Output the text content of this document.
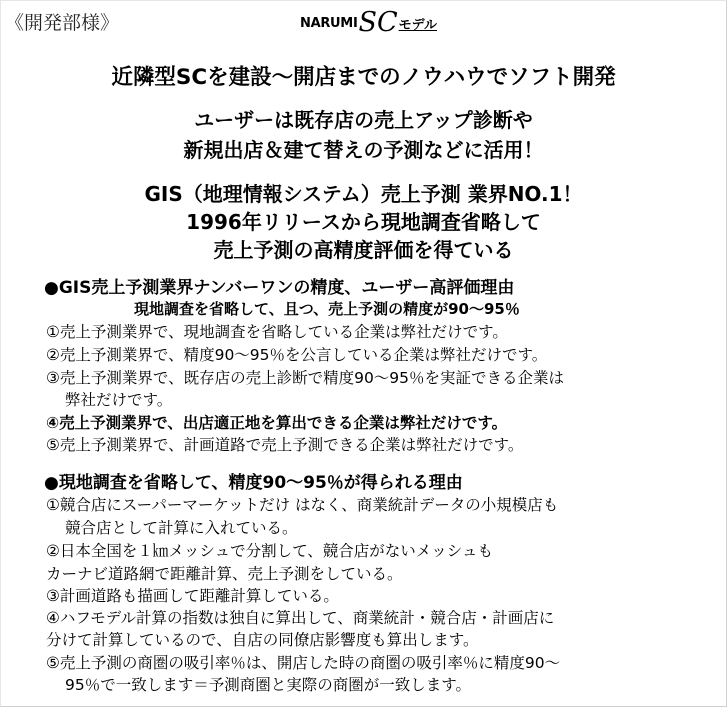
《開発部様》	NARUMI SC モデル
近隣型SCを建設～開店までのノウハウでソフト開発
ユーザーは既存店の売上アップ診断や
新規出店＆建て替えの予測などに活用！
GIS（地理情報システム）売上予測 業界NO.1！
1996年リリースから現地調査省略して
売上予測の高精度評価を得ている
●GIS売上予測業界ナンバーワンの精度、ユーザー高評価理由
現地調査を省略して、且つ、売上予測の精度が90～95％
①売上予測業界で、現地調査を省略している企業は弊社だけです。
②売上予測業界で、精度90～95％を公言している企業は弊社だけです。
③売上予測業界で、既存店の売上診断で精度90～95％を実証できる企業は
弊社だけです。
④売上予測業界で、出店適正地を算出できる企業は弊社だけです。
⑤売上予測業界で、計画道路で売上予測できる企業は弊社だけです。
●現地調査を省略して、精度90～95％が得られる理由
①競合店にスーパーマーケットだけ はなく、商業統計データの小規模店も
競合店として計算に入れている。
②日本全国を１㎞メッシュで分割して、競合店がないメッシュも
カーナビ道路網で距離計算、売上予測をしている。
③計画道路も描画して距離計算している。
④ハフモデル計算の指数は独自に算出して、商業統計・競合店・計画店に
分けて計算しているので、自店の同僚店影響度も算出します。
⑤売上予測の商圏の吸引率％は、開店した時の商圏の吸引率％に精度90～
95％で一致します＝予測商圏と実際の商圏が一致します。
